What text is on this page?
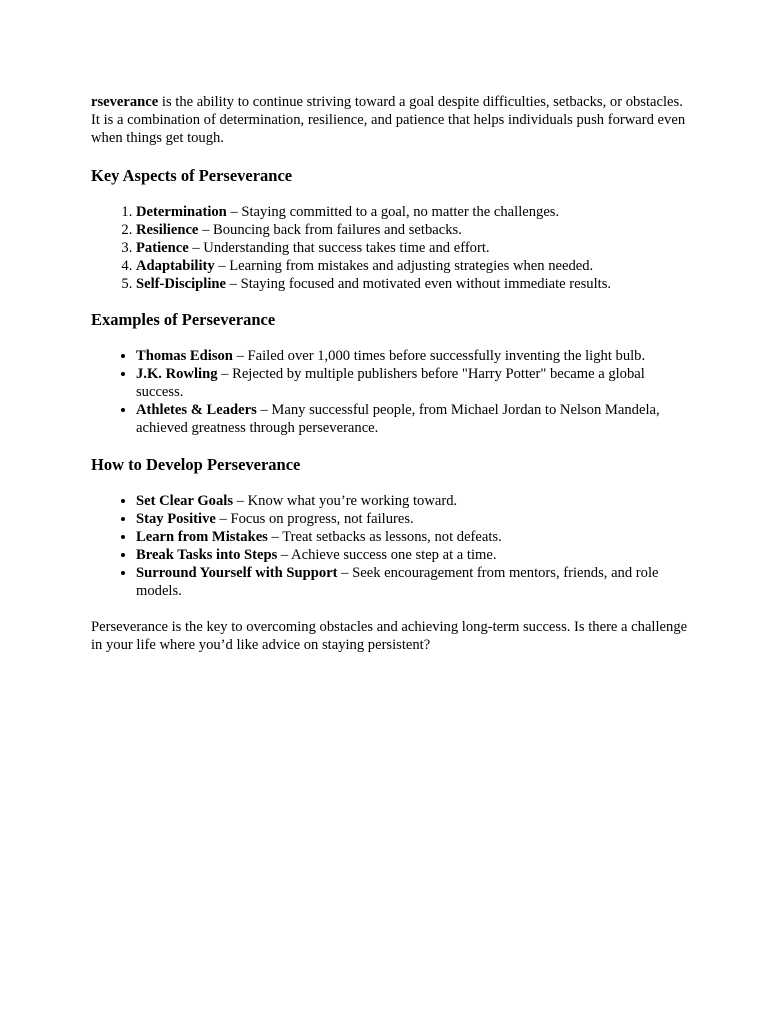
rseverance is the ability to continue striving toward a goal despite difficulties, setbacks, or obstacles. It is a combination of determination, resilience, and patience that helps individuals push forward even when things get tough.

Key Aspects of Perseverance
1. Determination – Staying committed to a goal, no matter the challenges.
2. Resilience – Bouncing back from failures and setbacks.
3. Patience – Understanding that success takes time and effort.
4. Adaptability – Learning from mistakes and adjusting strategies when needed.
5. Self-Discipline – Staying focused and motivated even without immediate results.
Examples of Perseverance
• Thomas Edison – Failed over 1,000 times before successfully inventing the light bulb.
• J.K. Rowling – Rejected by multiple publishers before "Harry Potter" became a global success.
• Athletes & Leaders – Many successful people, from Michael Jordan to Nelson Mandela, achieved greatness through perseverance.
How to Develop Perseverance
• Set Clear Goals – Know what you’re working toward.
• Stay Positive – Focus on progress, not failures.
• Learn from Mistakes – Treat setbacks as lessons, not defeats.
• Break Tasks into Steps – Achieve success one step at a time.
• Surround Yourself with Support – Seek encouragement from mentors, friends, and role models.

Perseverance is the key to overcoming obstacles and achieving long-term success. Is there a challenge in your life where you’d like advice on staying persistent?
